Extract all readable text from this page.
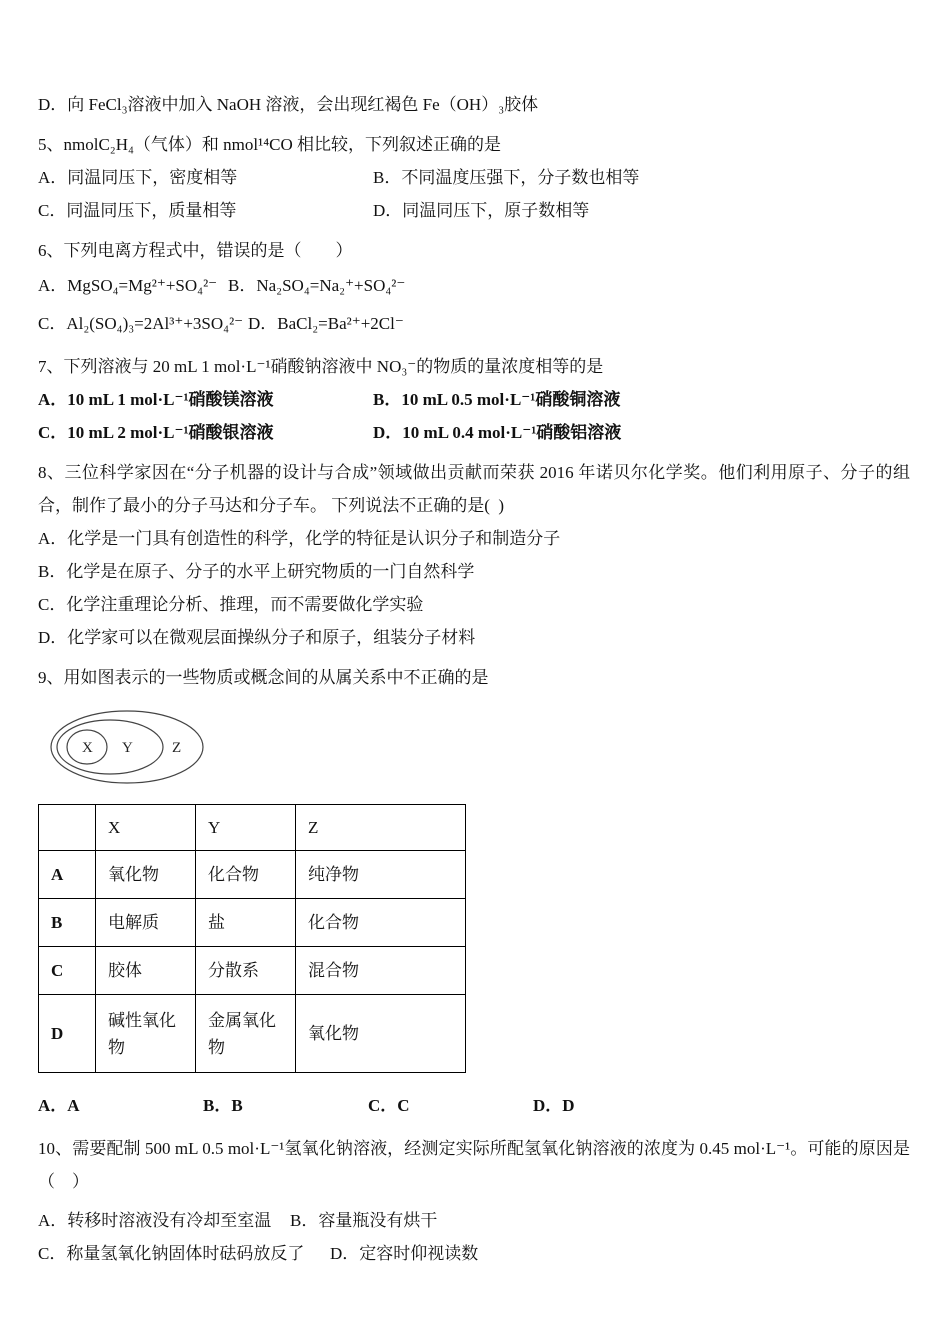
D．向 FeCl₃溶液中加入 NaOH 溶液，会出现红褐色 Fe（OH）₃胶体

5、nmolC₂H₄（气体）和 nmol¹⁴CO 相比较，下列叙述正确的是

A．同温同压下，密度相等	B．不同温度压强下，分子数也相等
C．同温同压下，质量相等	D．同温同压下，原子数相等

6、下列电离方程式中，错误的是（　　）

A．MgSO₄=Mg²⁺+SO₄²⁻ B．Na₂SO₄=Na₂⁺+SO₄²⁻
C．Al₂(SO₄)₃=2Al³⁺+3SO₄²⁻ D．BaCl₂=Ba²⁺+2Cl⁻

7、下列溶液与 20 mL 1 mol·L⁻¹硝酸钠溶液中 NO₃⁻的物质的量浓度相等的是

A．10 mL 1 mol·L⁻¹硝酸镁溶液	B．10 mL 0.5 mol·L⁻¹硝酸铜溶液
C．10 mL 2 mol·L⁻¹硝酸银溶液	D．10 mL 0.4 mol·L⁻¹硝酸铝溶液

8、三位科学家因在“分子机器的设计与合成”领域做出贡献而荣获 2016 年诺贝尔化学奖。他们利用原子、分子的组合，制作了最小的分子马达和分子车。 下列说法不正确的是(  )

A．化学是一门具有创造性的科学，化学的特征是认识分子和制造分子

B．化学是在原子、分子的水平上研究物质的一门自然科学

C．化学注重理论分析、推理，而不需要做化学实验

D．化学家可以在微观层面操纵分子和原子，组装分子材料

9、用如图表示的一些物质或概念间的从属关系中不正确的是

X Y	Z
	X	Y	Z
A	氧化物	化合物	纯净物
B	电解质	盐	化合物
C	胶体	分散系	混合物
D	碱性氧化物	金属氧化物	氧化物
A．A	B．B	C．C	D．D

10、需要配制 500 mL 0.5 mol·L⁻¹氢氧化钠溶液，经测定实际所配氢氧化钠溶液的浓度为 0.45 mol·L⁻¹。可能的原因是（　）

A．转移时溶液没有冷却至室温	B．容量瓶没有烘干
C．称量氢氧化钠固体时砝码放反了	D．定容时仰视读数
